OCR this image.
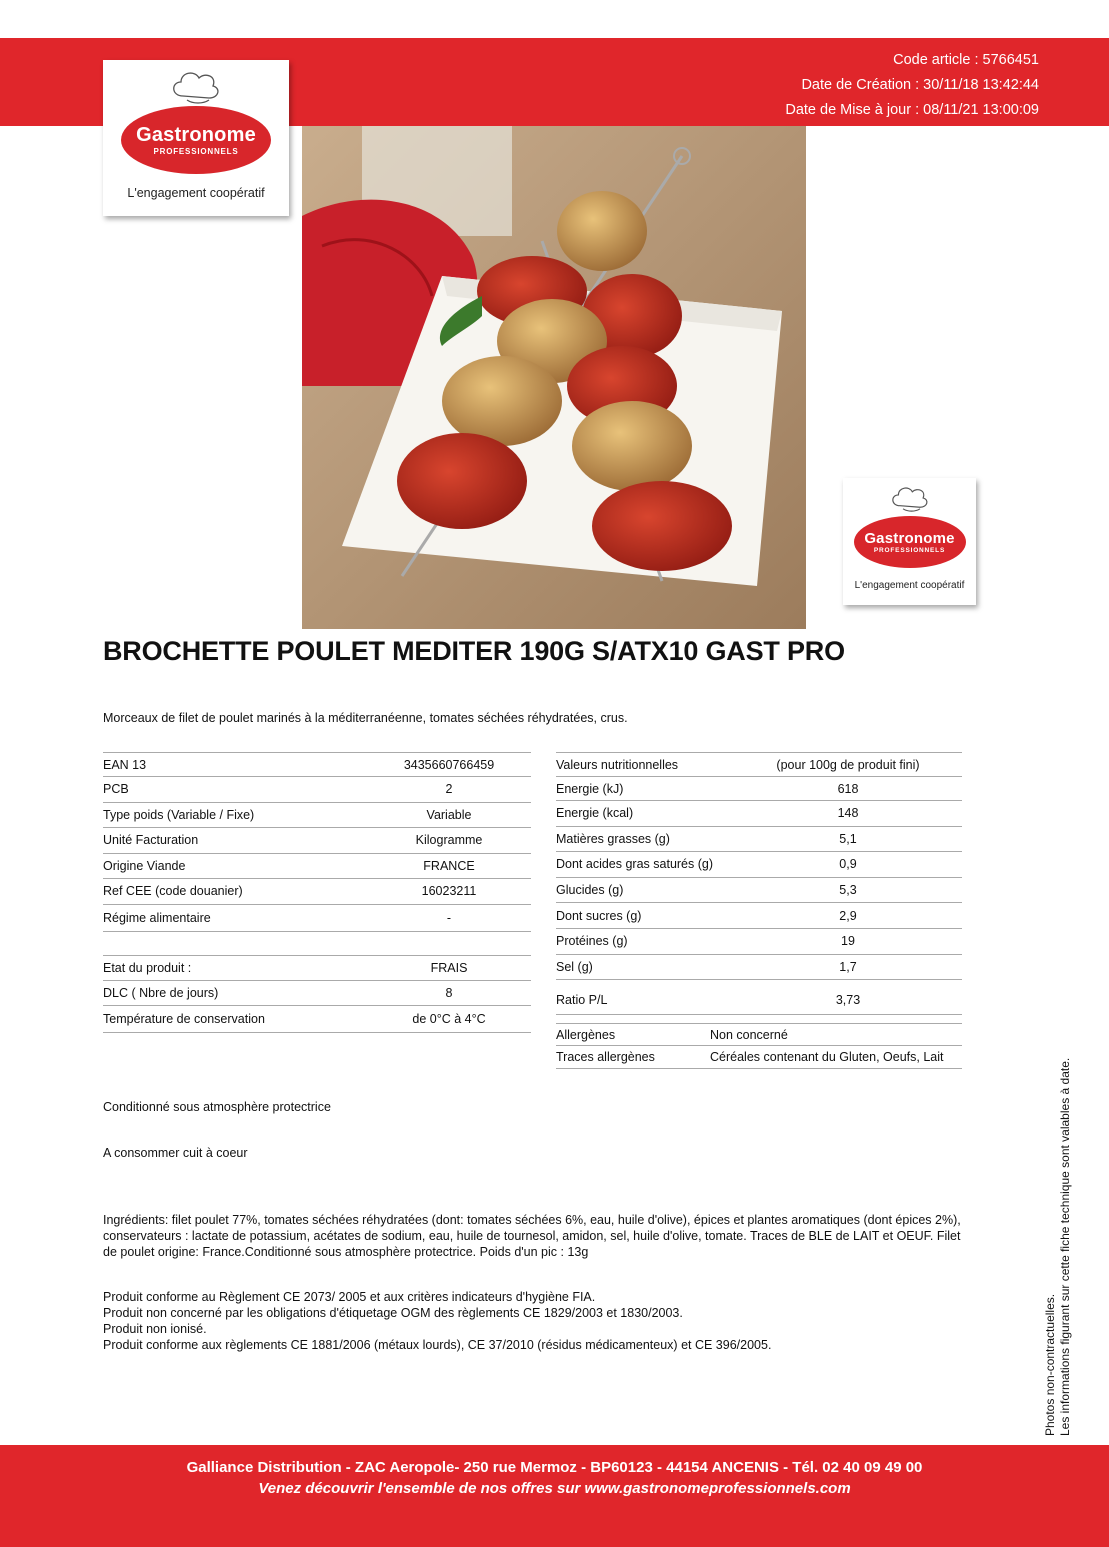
Code article : 5766451
Date de Création : 30/11/18 13:42:44
Date de Mise à jour : 08/11/21 13:00:09
Gastronome
PROFESSIONNELS
L'engagement coopératif
Gastronome
PROFESSIONNELS
L'engagement coopératif
BROCHETTE POULET MEDITER 190G S/ATX10 GAST PRO
Morceaux de filet de poulet marinés à la méditerranéenne, tomates séchées réhydratées, crus.
EAN 13	3435660766459
PCB	2
Type poids (Variable / Fixe)	Variable
Unité Facturation	Kilogramme
Origine Viande	FRANCE
Ref CEE (code douanier)	16023211
Régime alimentaire	-
Etat du produit :	FRAIS
DLC ( Nbre de jours)	8
Température de conservation	de 0°C à 4°C
Valeurs nutritionnelles	(pour 100g de produit fini)
Energie (kJ)	618
Energie (kcal)	148
Matières grasses (g)	5,1
Dont acides gras saturés (g)	0,9
Glucides (g)	5,3
Dont sucres (g)	2,9
Protéines (g)	19
Sel (g)	1,7
Ratio P/L	3,73
Allergènes	Non concerné
Traces allergènes	Céréales contenant du Gluten, Oeufs, Lait
Conditionné sous atmosphère protectrice
A consommer cuit à coeur
Ingrédients: filet poulet 77%, tomates séchées réhydratées (dont: tomates séchées 6%, eau, huile d'olive), épices et plantes aromatiques (dont épices 2%), conservateurs : lactate de potassium, acétates de sodium, eau, huile de tournesol, amidon, sel, huile d'olive, tomate. Traces de BLE de LAIT et OEUF. Filet de poulet origine: France.Conditionné sous atmosphère protectrice. Poids d'un pic : 13g
Produit conforme au Règlement CE 2073/ 2005 et aux critères indicateurs d'hygiène FIA.
Produit non concerné par les obligations d'étiquetage OGM des règlements CE 1829/2003 et 1830/2003.
Produit non ionisé.
Produit conforme aux règlements CE 1881/2006 (métaux lourds), CE 37/2010 (résidus médicamenteux) et CE 396/2005.	Photos non-contractuelles. Les informations figurant sur cette fiche technique sont valables à date.
Galliance Distribution - ZAC Aeropole- 250 rue Mermoz - BP60123 - 44154 ANCENIS - Tél. 02 40 09 49 00
Venez découvrir l'ensemble de nos offres sur www.gastronomeprofessionnels.com
